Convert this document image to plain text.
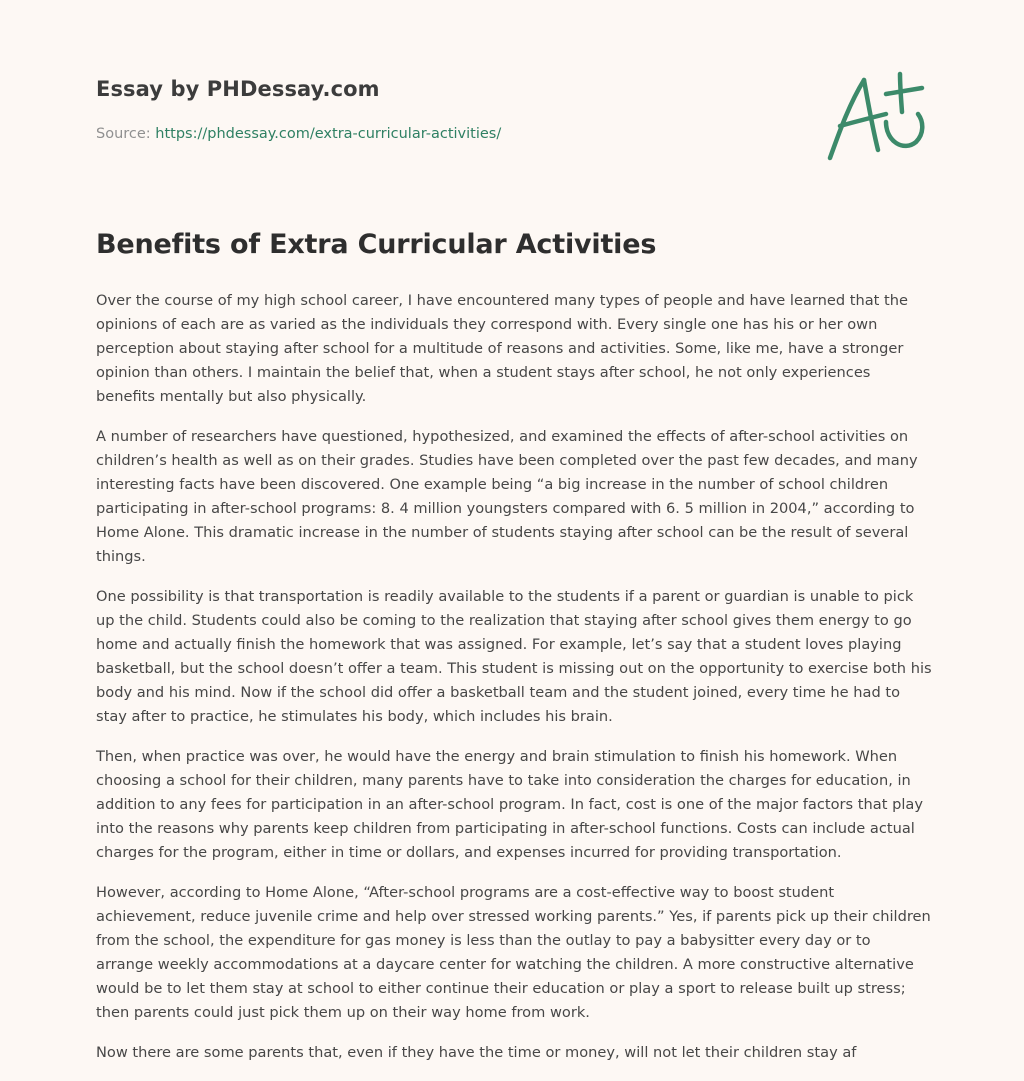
Essay by PHDessay.com
Source: https://phdessay.com/extra-curricular-activities/
Benefits of Extra Curricular Activities

Over the course of my high school career, I have encountered many types of people and have learned that the opinions of each are as varied as the individuals they correspond with. Every single one has his or her own perception about staying after school for a multitude of reasons and activities. Some, like me, have a stronger opinion than others. I maintain the belief that, when a student stays after school, he not only experiences benefits mentally but also physically.

A number of researchers have questioned, hypothesized, and examined the effects of after-school activities on children’s health as well as on their grades. Studies have been completed over the past few decades, and many interesting facts have been discovered. One example being “a big increase in the number of school children participating in after-school programs: 8. 4 million youngsters compared with 6. 5 million in 2004,” according to Home Alone. This dramatic increase in the number of students staying after school can be the result of several things.

One possibility is that transportation is readily available to the students if a parent or guardian is unable to pick up the child. Students could also be coming to the realization that staying after school gives them energy to go home and actually finish the homework that was assigned. For example, let’s say that a student loves playing basketball, but the school doesn’t offer a team. This student is missing out on the opportunity to exercise both his body and his mind. Now if the school did offer a basketball team and the student joined, every time he had to stay after to practice, he stimulates his body, which includes his brain.

Then, when practice was over, he would have the energy and brain stimulation to finish his homework. When choosing a school for their children, many parents have to take into consideration the charges for education, in addition to any fees for participation in an after-school program. In fact, cost is one of the major factors that play into the reasons why parents keep children from participating in after-school functions. Costs can include actual charges for the program, either in time or dollars, and expenses incurred for providing transportation.

However, according to Home Alone, “After-school programs are a cost-effective way to boost student achievement, reduce juvenile crime and help over stressed working parents.” Yes, if parents pick up their children from the school, the expenditure for gas money is less than the outlay to pay a babysitter every day or to arrange weekly accommodations at a daycare center for watching the children. A more constructive alternative would be to let them stay at school to either continue their education or play a sport to release built up stress; then parents could just pick them up on their way home from work.

Now there are some parents that, even if they have the time or money, will not let their children stay af
